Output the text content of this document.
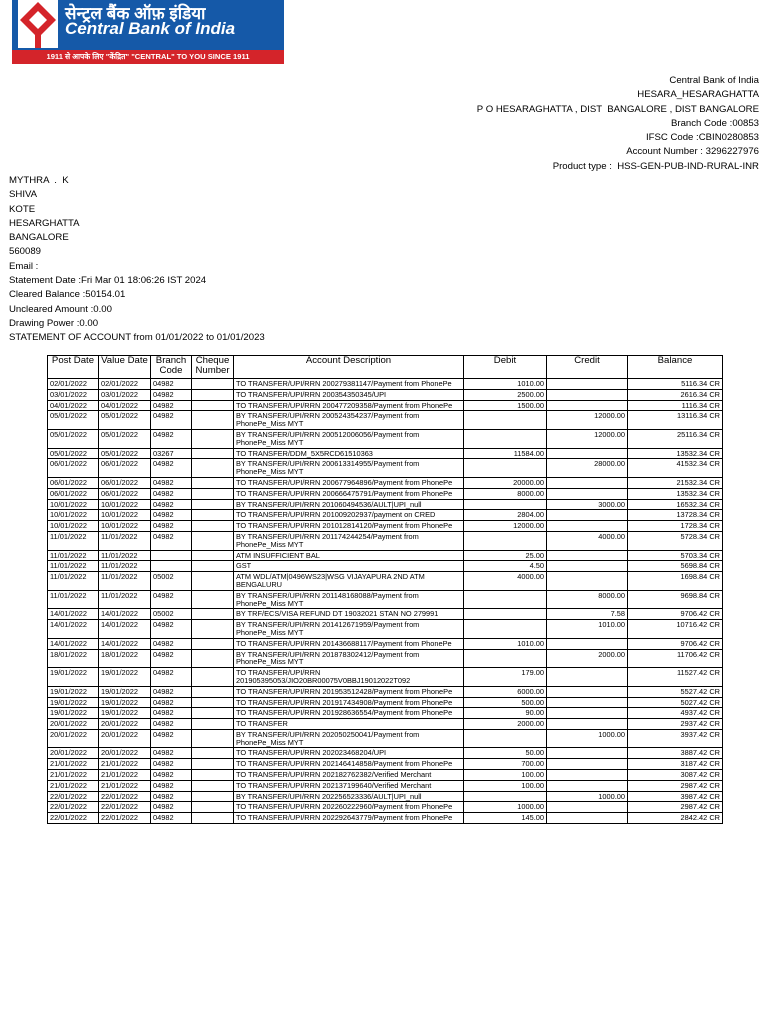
सेन्ट्रल बैंक ऑफ़ इंडिया
Central Bank of India
1911 से आपके लिए "केंद्रित" "CENTRAL" TO YOU SINCE 1911
Central Bank of India
HESARA_HESARAGHATTA
P O HESARAGHATTA , DIST  BANGALORE , DIST BANGALORE
Branch Code :00853
IFSC Code :CBIN0280853
Account Number : 3296227976
Product type :  HSS-GEN-PUB-IND-RURAL-INR
MYTHRA  .  K
SHIVA
KOTE
HESARGHATTA
BANGALORE
560089
Email :
Statement Date :Fri Mar 01 18:06:26 IST 2024
Cleared Balance :50154.01
Uncleared Amount :0.00
Drawing Power :0.00
STATEMENT OF ACCOUNT from 01/01/2022 to 01/01/2023
Post Date	Value Date	Branch Code	Cheque Number	Account Description	Debit	Credit	Balance
02/01/2022	02/01/2022	04982		TO TRANSFER/UPI/RRN 200279381147/Payment from PhonePe	1010.00		5116.34 CR
03/01/2022	03/01/2022	04982		TO TRANSFER/UPI/RRN 200354350345/UPI	2500.00		2616.34 CR
04/01/2022	04/01/2022	04982		TO TRANSFER/UPI/RRN 200477209358/Payment from PhonePe	1500.00		1116.34 CR
05/01/2022	05/01/2022	04982		BY TRANSFER/UPI/RRN 200524354237/Payment from PhonePe_Miss MYT		12000.00	13116.34 CR
05/01/2022	05/01/2022	04982		BY TRANSFER/UPI/RRN 200512006056/Payment from PhonePe_Miss MYT		12000.00	25116.34 CR
05/01/2022	05/01/2022	03267		TO TRANSFER/DDM_5X5RCD61510363	11584.00		13532.34 CR
06/01/2022	06/01/2022	04982		BY TRANSFER/UPI/RRN 200613314955/Payment from PhonePe_Miss MYT		28000.00	41532.34 CR
06/01/2022	06/01/2022	04982		TO TRANSFER/UPI/RRN 200677964896/Payment from PhonePe	20000.00		21532.34 CR
06/01/2022	06/01/2022	04982		TO TRANSFER/UPI/RRN 200666475791/Payment from PhonePe	8000.00		13532.34 CR
10/01/2022	10/01/2022	04982		BY TRANSFER/UPI/RRN 201060494536/AULT|UPI_null		3000.00	16532.34 CR
10/01/2022	10/01/2022	04982		TO TRANSFER/UPI/RRN 201009202937/payment on CRED	2804.00		13728.34 CR
10/01/2022	10/01/2022	04982		TO TRANSFER/UPI/RRN 201012814120/Payment from PhonePe	12000.00		1728.34 CR
11/01/2022	11/01/2022	04982		BY TRANSFER/UPI/RRN 201174244254/Payment from PhonePe_Miss MYT		4000.00	5728.34 CR
11/01/2022	11/01/2022			ATM INSUFFICIENT BAL	25.00		5703.34 CR
11/01/2022	11/01/2022			GST	4.50		5698.84 CR
11/01/2022	11/01/2022	05002		ATM WDL/ATM|0496WS23|WSG VIJAYAPURA 2ND ATM BENGALURU	4000.00		1698.84 CR
11/01/2022	11/01/2022	04982		BY TRANSFER/UPI/RRN 201148168088/Payment from PhonePe_Miss MYT		8000.00	9698.84 CR
14/01/2022	14/01/2022	05002		BY TRF/ECS/VISA REFUND DT 19032021 STAN NO 279991		7.58	9706.42 CR
14/01/2022	14/01/2022	04982		BY TRANSFER/UPI/RRN 201412671959/Payment from PhonePe_Miss MYT		1010.00	10716.42 CR
14/01/2022	14/01/2022	04982		TO TRANSFER/UPI/RRN 201436688117/Payment from PhonePe	1010.00		9706.42 CR
18/01/2022	18/01/2022	04982		BY TRANSFER/UPI/RRN 201878302412/Payment from PhonePe_Miss MYT		2000.00	11706.42 CR
19/01/2022	19/01/2022	04982		TO TRANSFER/UPI/RRN 201905395053/JIO20BR00075V0BBJ19012022T092	179.00		11527.42 CR
19/01/2022	19/01/2022	04982		TO TRANSFER/UPI/RRN 201953512428/Payment from PhonePe	6000.00		5527.42 CR
19/01/2022	19/01/2022	04982		TO TRANSFER/UPI/RRN 201917434908/Payment from PhonePe	500.00		5027.42 CR
19/01/2022	19/01/2022	04982		TO TRANSFER/UPI/RRN 201928636554/Payment from PhonePe	90.00		4937.42 CR
20/01/2022	20/01/2022	04982		TO TRANSFER	2000.00		2937.42 CR
20/01/2022	20/01/2022	04982		BY TRANSFER/UPI/RRN 202050250041/Payment from PhonePe_Miss MYT		1000.00	3937.42 CR
20/01/2022	20/01/2022	04982		TO TRANSFER/UPI/RRN 202023468204/UPI	50.00		3887.42 CR
21/01/2022	21/01/2022	04982		TO TRANSFER/UPI/RRN 202146414858/Payment from PhonePe	700.00		3187.42 CR
21/01/2022	21/01/2022	04982		TO TRANSFER/UPI/RRN 202182762382/Verified Merchant	100.00		3087.42 CR
21/01/2022	21/01/2022	04982		TO TRANSFER/UPI/RRN 202137199640/Verified Merchant	100.00		2987.42 CR
22/01/2022	22/01/2022	04982		BY TRANSFER/UPI/RRN 202256523336/AULT|UPI_null		1000.00	3987.42 CR
22/01/2022	22/01/2022	04982		TO TRANSFER/UPI/RRN 202260222960/Payment from PhonePe	1000.00		2987.42 CR
22/01/2022	22/01/2022	04982		TO TRANSFER/UPI/RRN 202292643779/Payment from PhonePe	145.00		2842.42 CR
